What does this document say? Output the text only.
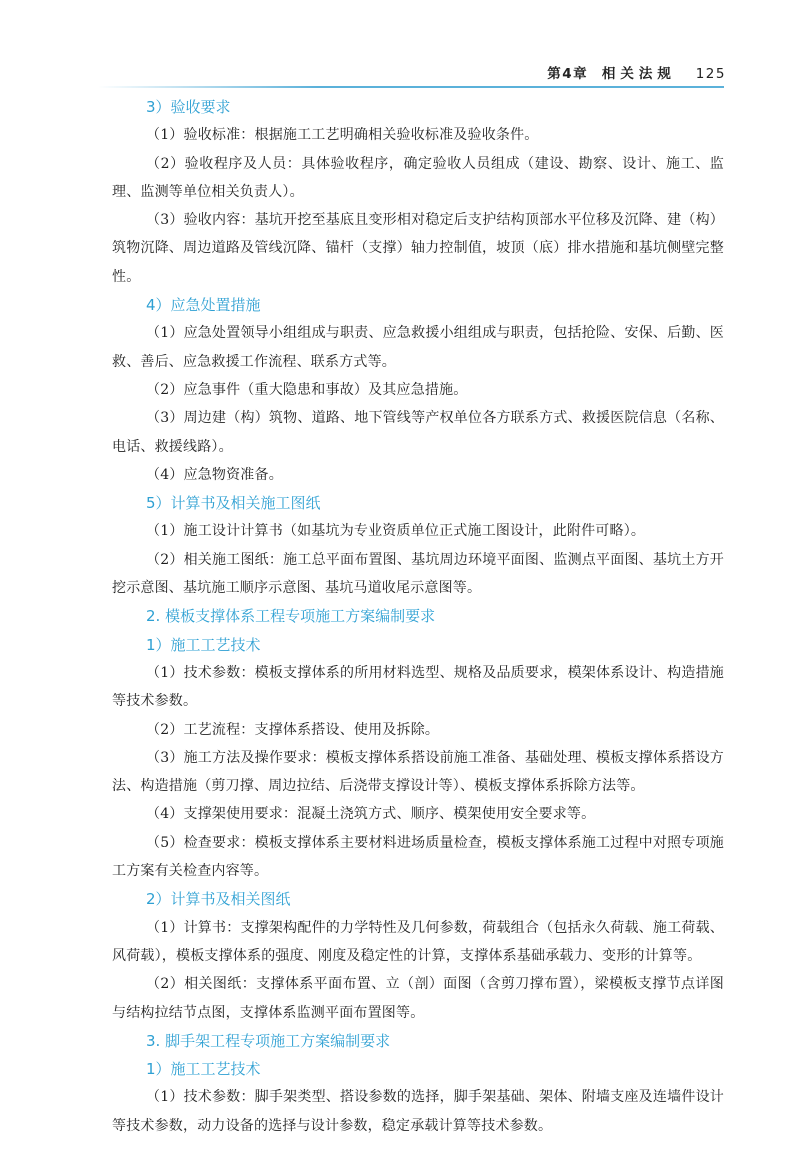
第4章 相关法规 125
3）验收要求
（1）验收标准：根据施工工艺明确相关验收标准及验收条件。
（2）验收程序及人员：具体验收程序，确定验收人员组成（建设、勘察、设计、施工、监理、监测等单位相关负责人）。
（3）验收内容：基坑开挖至基底且变形相对稳定后支护结构顶部水平位移及沉降、建（构）筑物沉降、周边道路及管线沉降、锚杆（支撑）轴力控制值，坡顶（底）排水措施和基坑侧壁完整性。
4）应急处置措施
（1）应急处置领导小组组成与职责、应急救援小组组成与职责，包括抢险、安保、后勤、医救、善后、应急救援工作流程、联系方式等。
（2）应急事件（重大隐患和事故）及其应急措施。
（3）周边建（构）筑物、道路、地下管线等产权单位各方联系方式、救援医院信息（名称、电话、救援线路）。
（4）应急物资准备。
5）计算书及相关施工图纸
（1）施工设计计算书（如基坑为专业资质单位正式施工图设计，此附件可略）。
（2）相关施工图纸：施工总平面布置图、基坑周边环境平面图、监测点平面图、基坑土方开挖示意图、基坑施工顺序示意图、基坑马道收尾示意图等。
2. 模板支撑体系工程专项施工方案编制要求
1）施工工艺技术
（1）技术参数：模板支撑体系的所用材料选型、规格及品质要求，模架体系设计、构造措施等技术参数。
（2）工艺流程：支撑体系搭设、使用及拆除。
（3）施工方法及操作要求：模板支撑体系搭设前施工准备、基础处理、模板支撑体系搭设方法、构造措施（剪刀撑、周边拉结、后浇带支撑设计等）、模板支撑体系拆除方法等。
（4）支撑架使用要求：混凝土浇筑方式、顺序、模架使用安全要求等。
（5）检查要求：模板支撑体系主要材料进场质量检查，模板支撑体系施工过程中对照专项施工方案有关检查内容等。
2）计算书及相关图纸
（1）计算书：支撑架构配件的力学特性及几何参数，荷载组合（包括永久荷载、施工荷载、风荷载），模板支撑体系的强度、刚度及稳定性的计算，支撑体系基础承载力、变形的计算等。
（2）相关图纸：支撑体系平面布置、立（剖）面图（含剪刀撑布置），梁模板支撑节点详图与结构拉结节点图，支撑体系监测平面布置图等。
3. 脚手架工程专项施工方案编制要求
1）施工工艺技术
（1）技术参数：脚手架类型、搭设参数的选择，脚手架基础、架体、附墙支座及连墙件设计等技术参数，动力设备的选择与设计参数，稳定承载计算等技术参数。
